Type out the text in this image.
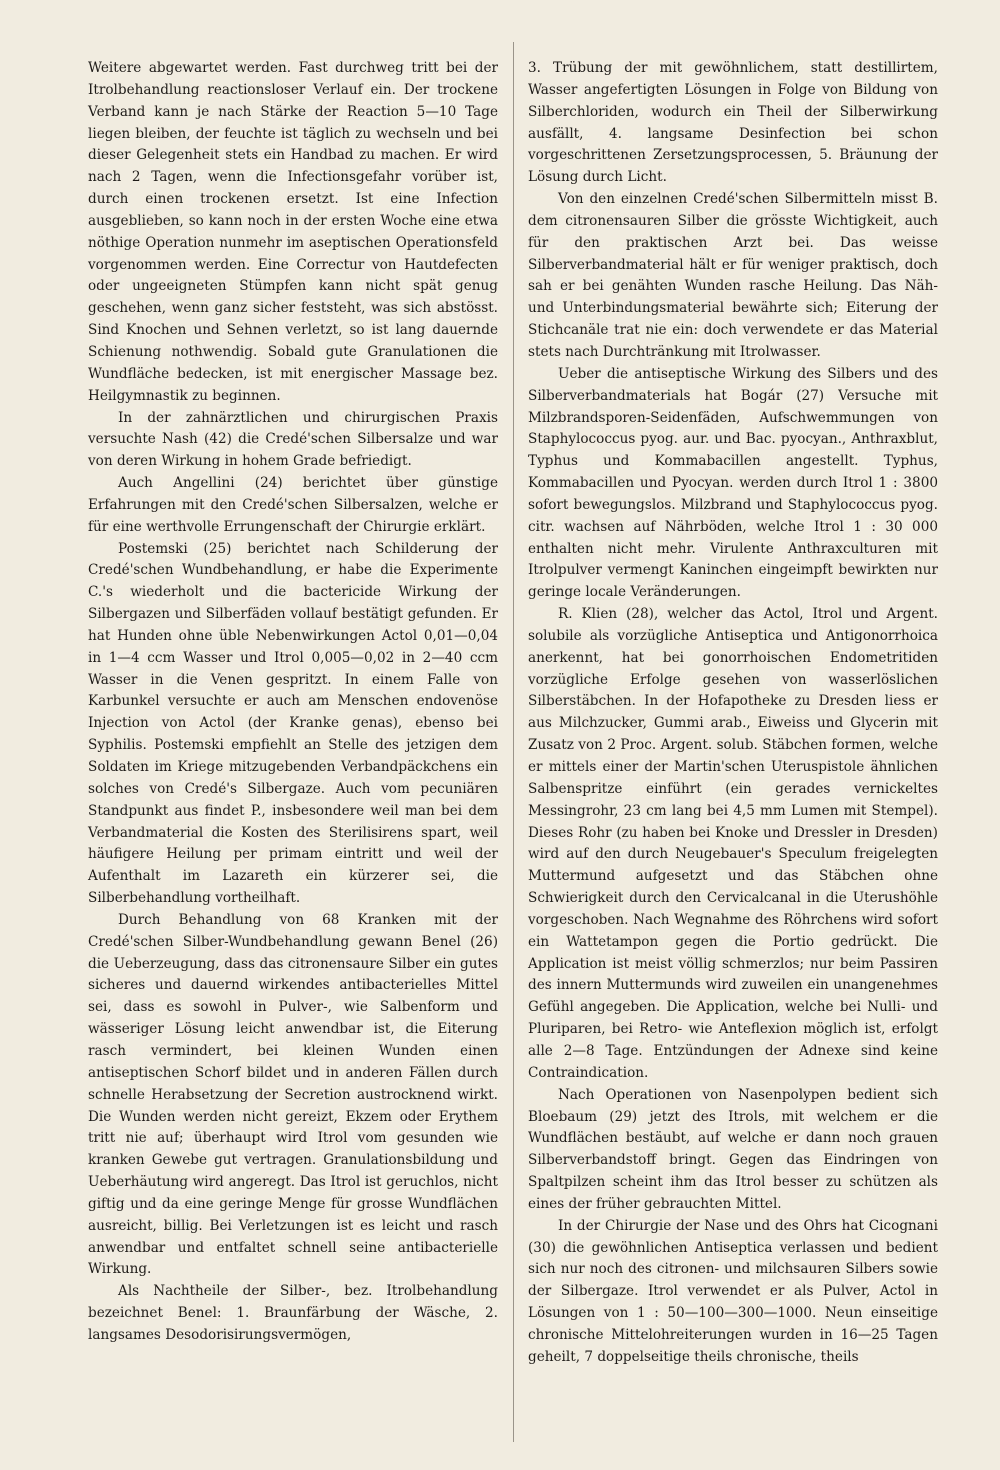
Weitere abgewartet werden. Fast durchweg tritt bei der Itrolbehandlung reactionsloser Verlauf ein. Der trockene Verband kann je nach Stärke der Reaction 5—10 Tage liegen bleiben, der feuchte ist täglich zu wechseln und bei dieser Gelegenheit stets ein Handbad zu machen. Er wird nach 2 Tagen, wenn die Infectionsgefahr vorüber ist, durch einen trockenen ersetzt. Ist eine Infection ausgeblieben, so kann noch in der ersten Woche eine etwa nöthige Operation nunmehr im aseptischen Operationsfeld vorgenommen werden. Eine Correctur von Hautdefecten oder ungeeigneten Stümpfen kann nicht spät genug geschehen, wenn ganz sicher feststeht, was sich abstösst. Sind Knochen und Sehnen verletzt, so ist lang dauernde Schienung nothwendig. Sobald gute Granulationen die Wundfläche bedecken, ist mit energischer Massage bez. Heilgymnastik zu beginnen.

In der zahnärztlichen und chirurgischen Praxis versuchte Nash (42) die Credé'schen Silbersalze und war von deren Wirkung in hohem Grade befriedigt.

Auch Angellini (24) berichtet über günstige Erfahrungen mit den Credé'schen Silbersalzen, welche er für eine werthvolle Errungenschaft der Chirurgie erklärt.

Postemski (25) berichtet nach Schilderung der Credé'schen Wundbehandlung, er habe die Experimente C.'s wiederholt und die bactericide Wirkung der Silbergazen und Silberfäden vollauf bestätigt gefunden. Er hat Hunden ohne üble Nebenwirkungen Actol 0,01—0,04 in 1—4 ccm Wasser und Itrol 0,005—0,02 in 2—40 ccm Wasser in die Venen gespritzt. In einem Falle von Karbunkel versuchte er auch am Menschen endovenöse Injection von Actol (der Kranke genas), ebenso bei Syphilis. Postemski empfiehlt an Stelle des jetzigen dem Soldaten im Kriege mitzugebenden Verbandpäckchens ein solches von Credé's Silbergaze. Auch vom pecuniären Standpunkt aus findet P., insbesondere weil man bei dem Verbandmaterial die Kosten des Sterilisirens spart, weil häufigere Heilung per primam eintritt und weil der Aufenthalt im Lazareth ein kürzerer sei, die Silberbehandlung vortheilhaft.

Durch Behandlung von 68 Kranken mit der Credé'schen Silber-Wundbehandlung gewann Benel (26) die Ueberzeugung, dass das citronensaure Silber ein gutes sicheres und dauernd wirkendes antibacterielles Mittel sei, dass es sowohl in Pulver-, wie Salbenform und wässeriger Lösung leicht anwendbar ist, die Eiterung rasch vermindert, bei kleinen Wunden einen antiseptischen Schorf bildet und in anderen Fällen durch schnelle Herabsetzung der Secretion austrocknend wirkt. Die Wunden werden nicht gereizt, Ekzem oder Erythem tritt nie auf; überhaupt wird Itrol vom gesunden wie kranken Gewebe gut vertragen. Granulationsbildung und Ueberhäutung wird angeregt. Das Itrol ist geruchlos, nicht giftig und da eine geringe Menge für grosse Wundflächen ausreicht, billig. Bei Verletzungen ist es leicht und rasch anwendbar und entfaltet schnell seine antibacterielle Wirkung.

Als Nachtheile der Silber-, bez. Itrolbehandlung bezeichnet Benel: 1. Braunfärbung der Wäsche, 2. langsames Desodorisirungsvermögen,

3. Trübung der mit gewöhnlichem, statt destillirtem, Wasser angefertigten Lösungen in Folge von Bildung von Silberchloriden, wodurch ein Theil der Silberwirkung ausfällt, 4. langsame Desinfection bei schon vorgeschrittenen Zersetzungsprocessen, 5. Bräunung der Lösung durch Licht.

Von den einzelnen Credé'schen Silbermitteln misst B. dem citronensauren Silber die grösste Wichtigkeit, auch für den praktischen Arzt bei. Das weisse Silberverbandmaterial hält er für weniger praktisch, doch sah er bei genähten Wunden rasche Heilung. Das Näh- und Unterbindungsmaterial bewährte sich; Eiterung der Stichcanäle trat nie ein: doch verwendete er das Material stets nach Durchtränkung mit Itrolwasser.

Ueber die antiseptische Wirkung des Silbers und des Silberverbandmaterials hat Bogár (27) Versuche mit Milzbrandsporen-Seidenfäden, Aufschwemmungen von Staphylococcus pyog. aur. und Bac. pyocyan., Anthraxblut, Typhus und Kommabacillen angestellt. Typhus, Kommabacillen und Pyocyan. werden durch Itrol 1 : 3800 sofort bewegungslos. Milzbrand und Staphylococcus pyog. citr. wachsen auf Nährböden, welche Itrol 1 : 30 000 enthalten nicht mehr. Virulente Anthraxculturen mit Itrolpulver vermengt Kaninchen eingeimpft bewirkten nur geringe locale Veränderungen.

R. Klien (28), welcher das Actol, Itrol und Argent. solubile als vorzügliche Antiseptica und Antigonorrhoica anerkennt, hat bei gonorrhoischen Endometritiden vorzügliche Erfolge gesehen von wasserlöslichen Silberstäbchen. In der Hofapotheke zu Dresden liess er aus Milchzucker, Gummi arab., Eiweiss und Glycerin mit Zusatz von 2 Proc. Argent. solub. Stäbchen formen, welche er mittels einer der Martin'schen Uteruspistole ähnlichen Salbenspritze einführt (ein gerades vernickeltes Messingrohr, 23 cm lang bei 4,5 mm Lumen mit Stempel). Dieses Rohr (zu haben bei Knoke und Dressler in Dresden) wird auf den durch Neugebauer's Speculum freigelegten Muttermund aufgesetzt und das Stäbchen ohne Schwierigkeit durch den Cervicalcanal in die Uterushöhle vorgeschoben. Nach Wegnahme des Röhrchens wird sofort ein Wattetampon gegen die Portio gedrückt. Die Application ist meist völlig schmerzlos; nur beim Passiren des innern Muttermunds wird zuweilen ein unangenehmes Gefühl angegeben. Die Application, welche bei Nulli- und Pluriparen, bei Retro- wie Anteflexion möglich ist, erfolgt alle 2—8 Tage. Entzündungen der Adnexe sind keine Contraindication.

Nach Operationen von Nasenpolypen bedient sich Bloebaum (29) jetzt des Itrols, mit welchem er die Wundflächen bestäubt, auf welche er dann noch grauen Silberverbandstoff bringt. Gegen das Eindringen von Spaltpilzen scheint ihm das Itrol besser zu schützen als eines der früher gebrauchten Mittel.

In der Chirurgie der Nase und des Ohrs hat Cicognani (30) die gewöhnlichen Antiseptica verlassen und bedient sich nur noch des citronen- und milchsauren Silbers sowie der Silbergaze. Itrol verwendet er als Pulver, Actol in Lösungen von 1 : 50—100—300—1000. Neun einseitige chronische Mittelohreiterungen wurden in 16—25 Tagen geheilt, 7 doppelseitige theils chronische, theils
